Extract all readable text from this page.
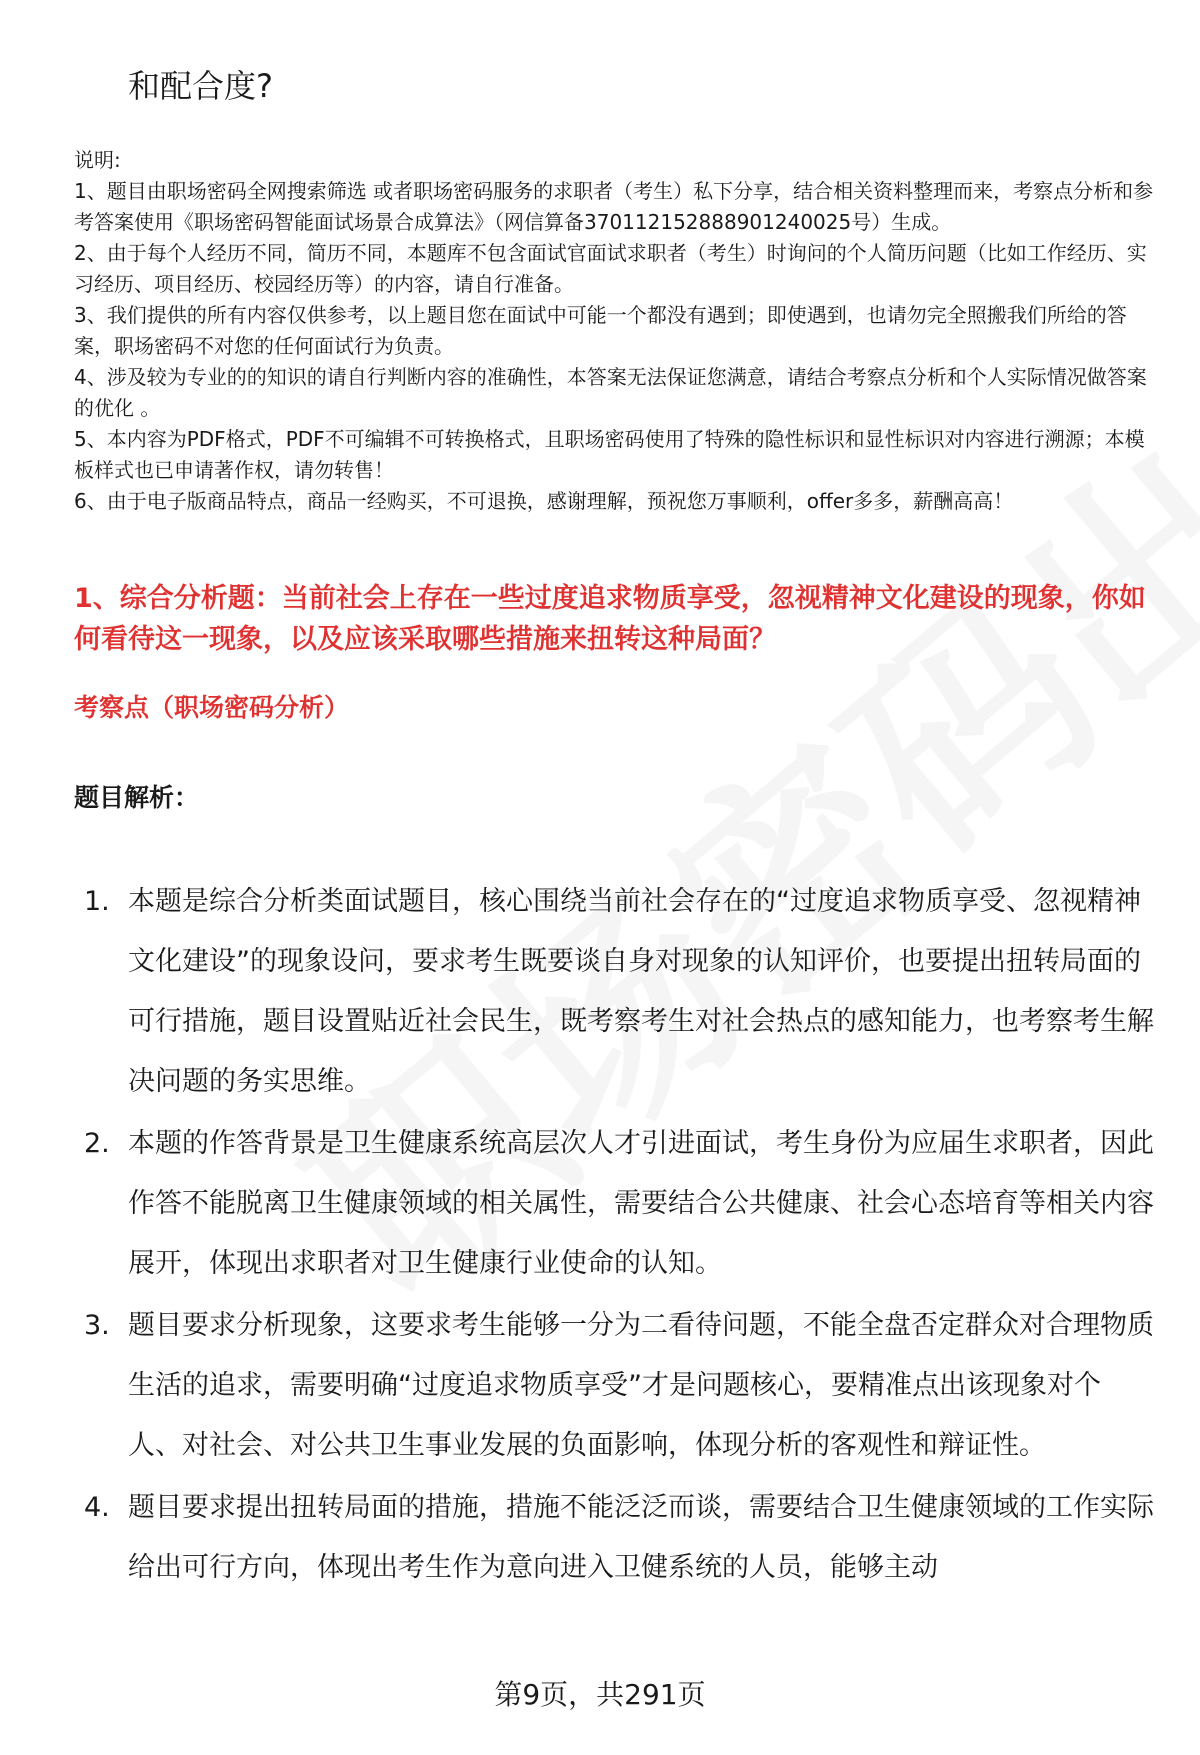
和配合度?

说明:

1、题目由职场密码全网搜索筛选 或者职场密码服务的求职者（考生）私下分享，结合相关资料整理而来，考察点分析和参考答案使用《职场密码智能面试场景合成算法》（网信算备370112152888901240025号）生成。

2、由于每个人经历不同，简历不同，本题库不包含面试官面试求职者（考生）时询问的个人简历问题（比如工作经历、实习经历、项目经历、校园经历等）的内容，请自行准备。

3、我们提供的所有内容仅供参考，以上题目您在面试中可能一个都没有遇到；即使遇到，也请勿完全照搬我们所给的答案，职场密码不对您的任何面试行为负责。

4、涉及较为专业的的知识的请自行判断内容的准确性，本答案无法保证您满意，请结合考察点分析和个人实际情况做答案的优化 。

5、本内容为PDF格式，PDF不可编辑不可转换格式，且职场密码使用了特殊的隐性标识和显性标识对内容进行溯源；本模板样式也已申请著作权，请勿转售！

6、由于电子版商品特点，商品一经购买，不可退换，感谢理解，预祝您万事顺利，offer多多，薪酬高高！

1、综合分析题：当前社会上存在一些过度追求物质享受，忽视精神文化建设的现象，你如何看待这一现象，以及应该采取哪些措施来扭转这种局面？
考察点（职场密码分析）
题目解析：
1. 本题是综合分析类面试题目，核心围绕当前社会存在的“过度追求物质享受、忽视精神文化建设”的现象设问，要求考生既要谈自身对现象的认知评价，也要提出扭转局面的可行措施，题目设置贴近社会民生，既考察考生对社会热点的感知能力，也考察考生解决问题的务实思维。
2. 本题的作答背景是卫生健康系统高层次人才引进面试，考生身份为应届生求职者，因此作答不能脱离卫生健康领域的相关属性，需要结合公共健康、社会心态培育等相关内容展开，体现出求职者对卫生健康行业使命的认知。
3. 题目要求分析现象，这要求考生能够一分为二看待问题，不能全盘否定群众对合理物质生活的追求，需要明确“过度追求物质享受”才是问题核心，要精准点出该现象对个人、对社会、对公共卫生事业发展的负面影响，体现分析的客观性和辩证性。
4. 题目要求提出扭转局面的措施，措施不能泛泛而谈，需要结合卫生健康领域的工作实际给出可行方向，体现出考生作为意向进入卫健系统的人员，能够主动
第9页，共291页
